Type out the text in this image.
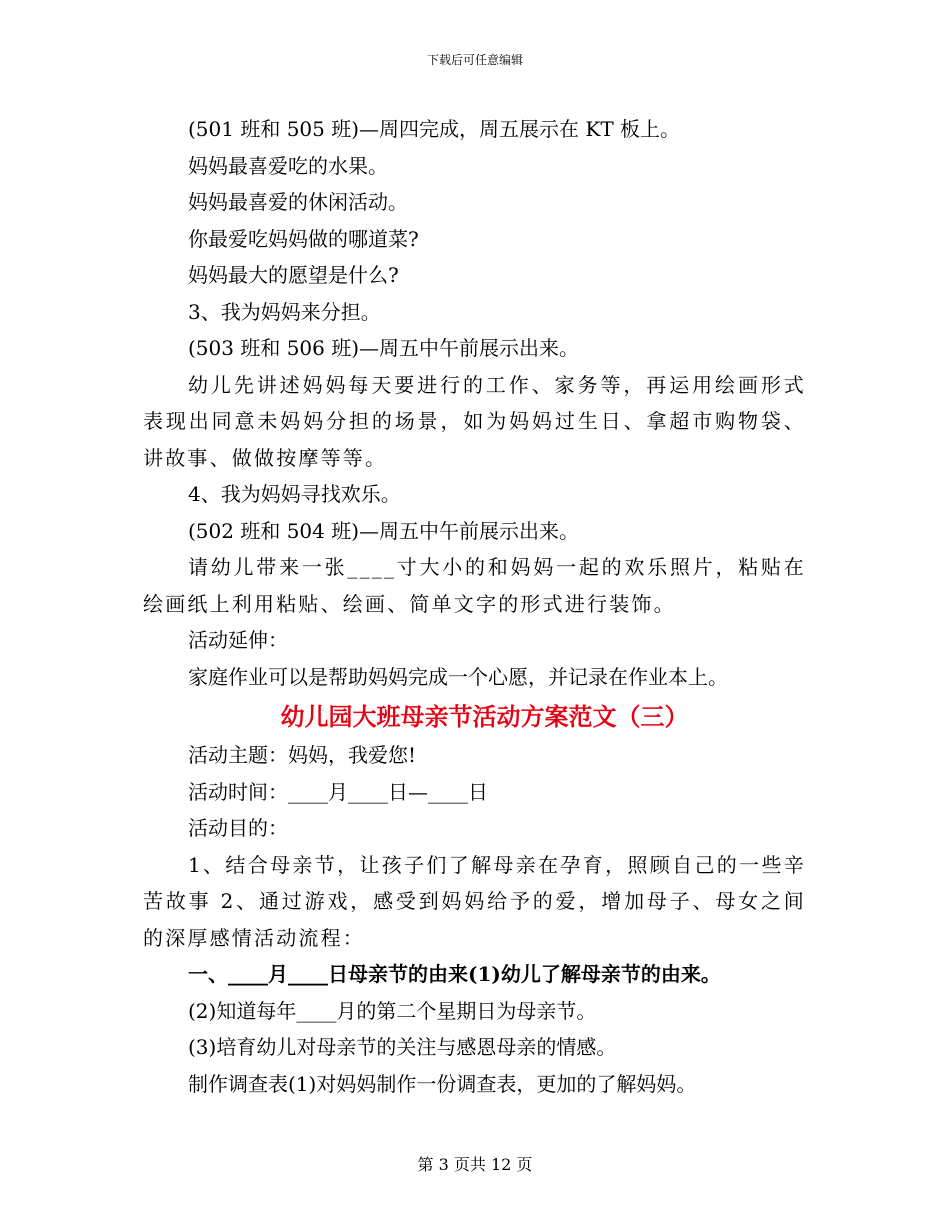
下载后可任意编辑
(501 班和 505 班)—周四完成，周五展示在 KT 板上。
妈妈最喜爱吃的水果。
妈妈最喜爱的休闲活动。
你最爱吃妈妈做的哪道菜?
妈妈最大的愿望是什么?
3、我为妈妈来分担。
(503 班和 506 班)—周五中午前展示出来。
幼儿先讲述妈妈每天要进行的工作、家务等，再运用绘画形式表现出同意未妈妈分担的场景，如为妈妈过生日、拿超市购物袋、讲故事、做做按摩等等。
4、我为妈妈寻找欢乐。
(502 班和 504 班)—周五中午前展示出来。
请幼儿带来一张____寸大小的和妈妈一起的欢乐照片，粘贴在绘画纸上利用粘贴、绘画、简单文字的形式进行装饰。
活动延伸：
家庭作业可以是帮助妈妈完成一个心愿，并记录在作业本上。
幼儿园大班母亲节活动方案范文（三）
活动主题：妈妈，我爱您!
活动时间：____月____日—____日
活动目的：
1、结合母亲节，让孩子们了解母亲在孕育，照顾自己的一些辛苦故事 2、通过游戏，感受到妈妈给予的爱，增加母子、母女之间的深厚感情活动流程：
一、____月____日母亲节的由来(1)幼儿了解母亲节的由来。
(2)知道每年____月的第二个星期日为母亲节。
(3)培育幼儿对母亲节的关注与感恩母亲的情感。
制作调查表(1)对妈妈制作一份调查表，更加的了解妈妈。
第 3 页共 12 页
